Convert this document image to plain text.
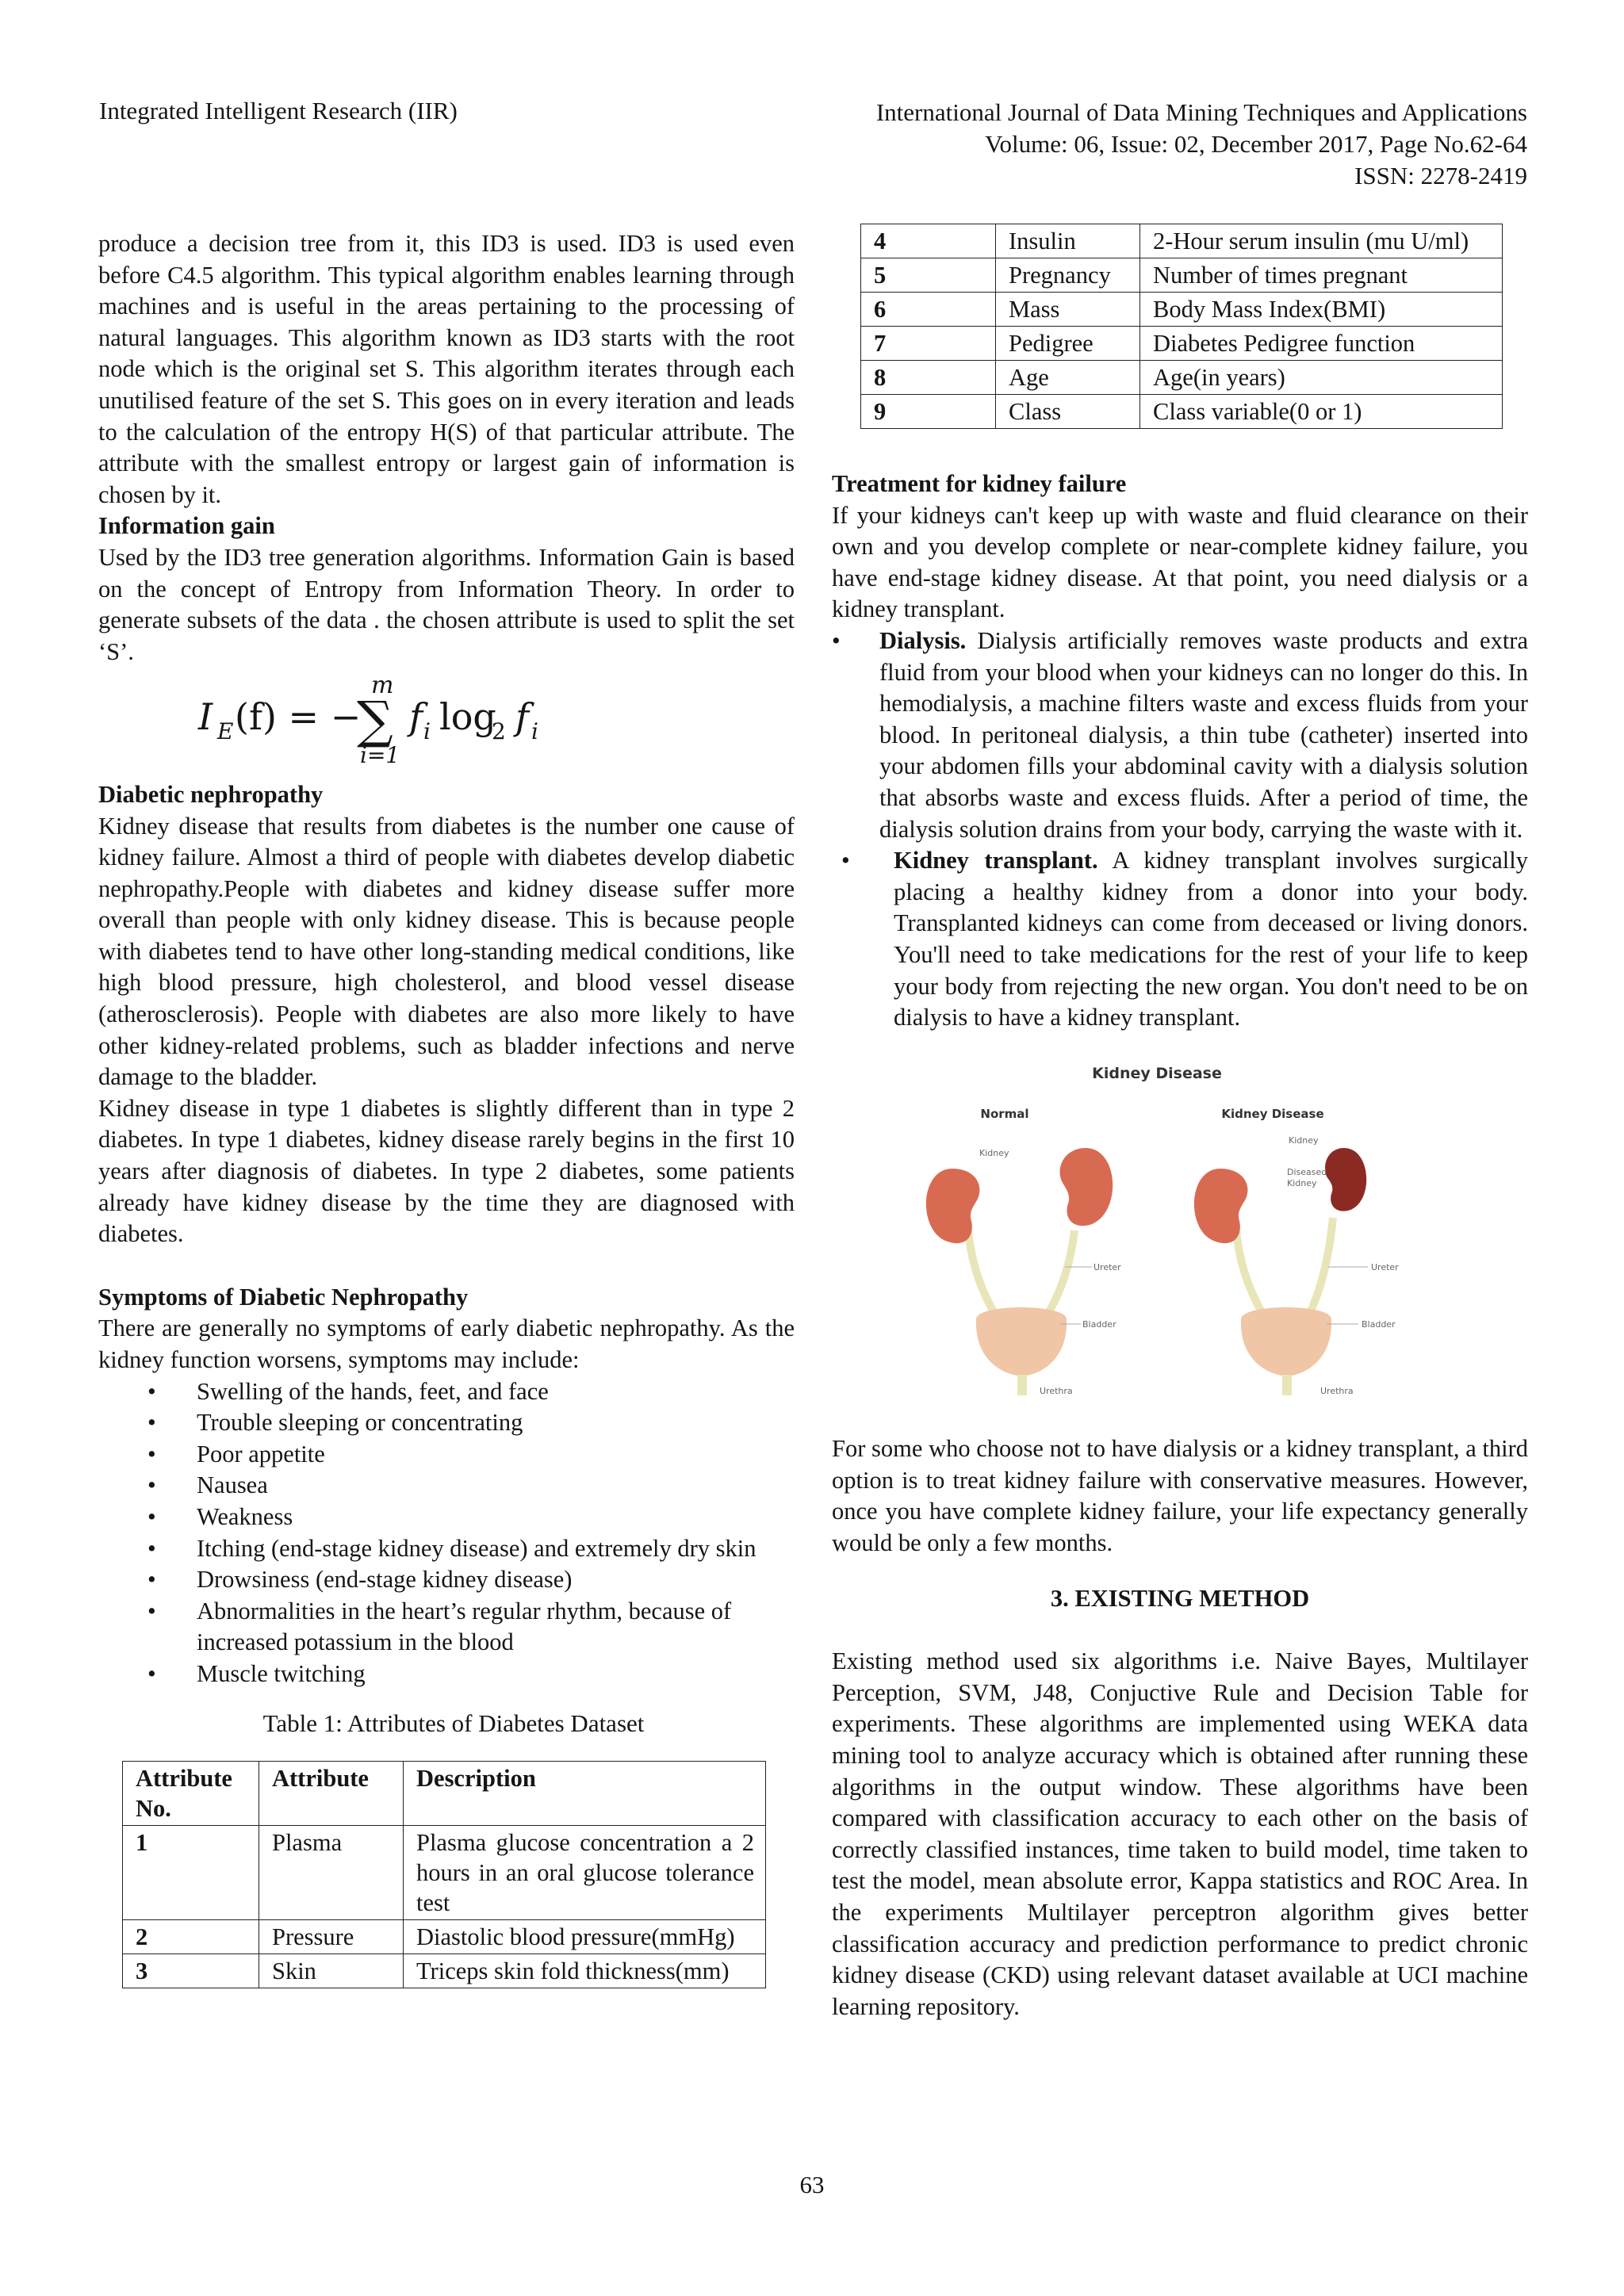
Integrated Intelligent Research (IIR)	International Journal of Data Mining Techniques and Applications
Volume: 06, Issue: 02, December 2017, Page No.62-64
ISSN: 2278-2419

produce a decision tree from it, this ID3 is used. ID3 is used even before C4.5 algorithm. This typical algorithm enables learning through machines and is useful in the areas pertaining to the processing of natural languages. This algorithm known as ID3 starts with the root node which is the original set S. This algorithm iterates through each unutilised feature of the set S. This goes on in every iteration and leads to the calculation of the entropy H(S) of that particular attribute. The attribute with the smallest entropy or largest gain of information is chosen by it.

Information gain

Used by the ID3 tree generation algorithms. Information Gain is based on the concept of Entropy from Information Theory. In order to generate subsets of the data . the chosen attribute is used to split the set ‘S’.

I E (f) = −
m
∑
i=1
f i log
2 f i
Diabetic nephropathy

Kidney disease that results from diabetes is the number one cause of kidney failure. Almost a third of people with diabetes develop diabetic nephropathy.People with diabetes and kidney disease suffer more overall than people with only kidney disease. This is because people with diabetes tend to have other long-standing medical conditions, like high blood pressure, high cholesterol, and blood vessel disease (atherosclerosis). People with diabetes are also more likely to have other kidney-related problems, such as bladder infections and nerve damage to the bladder.

Kidney disease in type 1 diabetes is slightly different than in type 2 diabetes. In type 1 diabetes, kidney disease rarely begins in the first 10 years after diagnosis of diabetes. In type 2 diabetes, some patients already have kidney disease by the time they are diagnosed with diabetes.

Symptoms of Diabetic Nephropathy

There are generally no symptoms of early diabetic nephropathy. As the kidney function worsens, symptoms may include:

• Swelling of the hands, feet, and face
• Trouble sleeping or concentrating
• Poor appetite
• Nausea
• Weakness
• Itching (end-stage kidney disease) and extremely dry skin
• Drowsiness (end-stage kidney disease)
• Abnormalities in the heart’s regular rhythm, because of increased potassium in the blood
• Muscle twitching
Table 1: Attributes of Diabetes Dataset
Attribute No.	Attribute	Description
1	Plasma	Plasma glucose concentration a 2 hours in an oral glucose tolerance test
2	Pressure	Diastolic blood pressure(mmHg)
3	Skin	Triceps skin fold thickness(mm)
4	Insulin	2-Hour serum insulin (mu U/ml)
5	Pregnancy	Number of times pregnant
6	Mass	Body Mass Index(BMI)
7	Pedigree	Diabetes Pedigree function
8	Age	Age(in years)
9	Class	Class variable(0 or 1)
Treatment for kidney failure

If your kidneys can't keep up with waste and fluid clearance on their own and you develop complete or near-complete kidney failure, you have end-stage kidney disease. At that point, you need dialysis or a kidney transplant.

• Dialysis. Dialysis artificially removes waste products and extra fluid from your blood when your kidneys can no longer do this. In hemodialysis, a machine filters waste and excess fluids from your blood. In peritoneal dialysis, a thin tube (catheter) inserted into your abdomen fills your abdominal cavity with a dialysis solution that absorbs waste and excess fluids. After a period of time, the dialysis solution drains from your body, carrying the waste with it.
• Kidney transplant. A kidney transplant involves surgically placing a healthy kidney from a donor into your body. Transplanted kidneys can come from deceased or living donors. You'll need to take medications for the rest of your life to keep your body from rejecting the new organ. You don't need to be on dialysis to have a kidney transplant.
Kidney Disease
Normal	Kidney Disease
Kidney
Ureter
Bladder
Urethra
Kidney
Diseased
Kidney
Ureter
Bladder
Urethra

For some who choose not to have dialysis or a kidney transplant, a third option is to treat kidney failure with conservative measures. However, once you have complete kidney failure, your life expectancy generally would be only a few months.

3. EXISTING METHOD

Existing method used six algorithms i.e. Naive Bayes, Multilayer Perception, SVM, J48, Conjuctive Rule and Decision Table for experiments. These algorithms are implemented using WEKA data mining tool to analyze accuracy which is obtained after running these algorithms in the output window. These algorithms have been compared with classification accuracy to each other on the basis of correctly classified instances, time taken to build model, time taken to test the model, mean absolute error, Kappa statistics and ROC Area. In the experiments Multilayer perceptron algorithm gives better classification accuracy and prediction performance to predict chronic kidney disease (CKD) using relevant dataset available at UCI machine learning repository.

63
